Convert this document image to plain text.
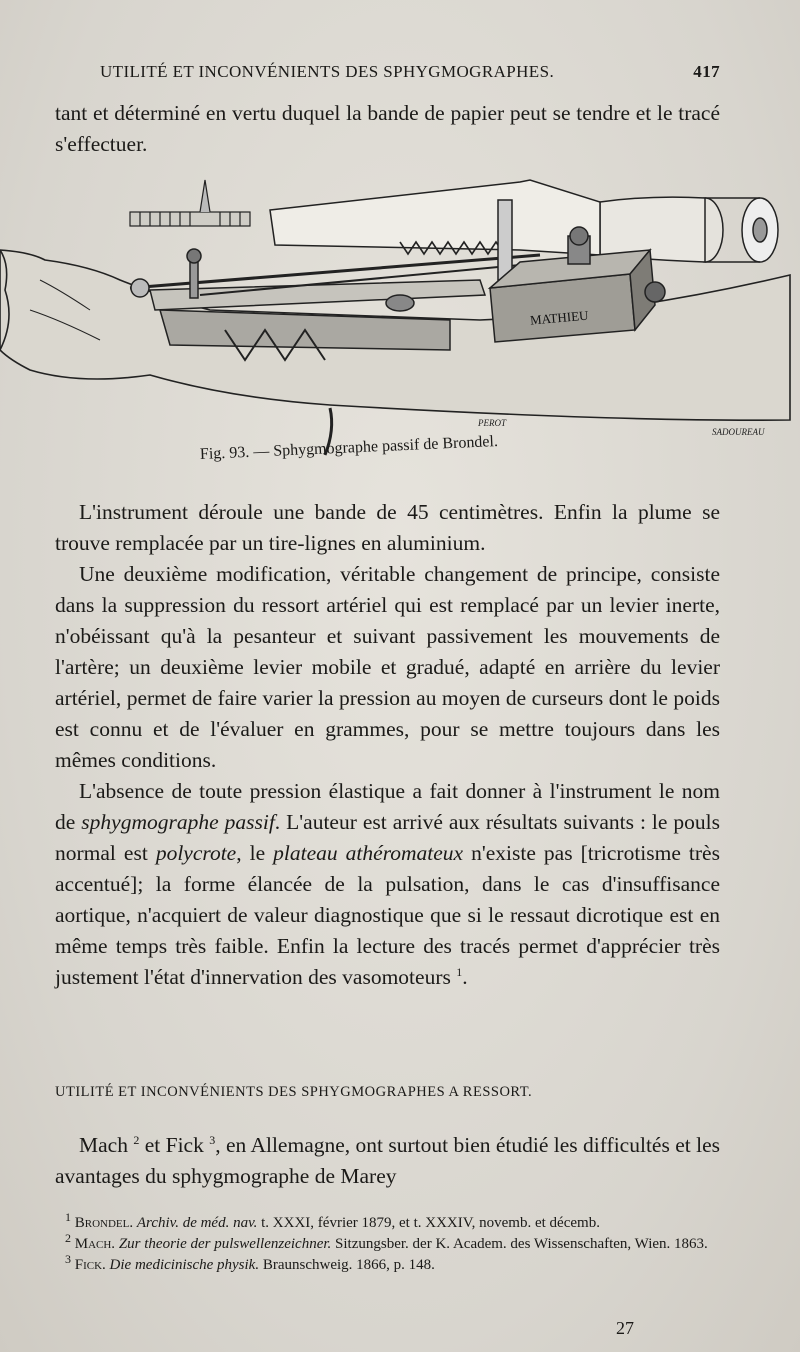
UTILITÉ ET INCONVÉNIENTS DES SPHYGMOGRAPHES.	417

tant et déterminé en vertu duquel la bande de papier peut se tendre et le tracé s'effectuer.

MATHIEU
PEROT
SADOUREAU
Fig. 93. — Sphygmographe passif de Brondel.

L'instrument déroule une bande de 45 centimètres. Enfin la plume se trouve remplacée par un tire-lignes en aluminium.

Une deuxième modification, véritable changement de principe, consiste dans la suppression du ressort artériel qui est remplacé par un levier inerte, n'obéissant qu'à la pesanteur et suivant passivement les mouvements de l'artère; un deuxième levier mobile et gradué, adapté en arrière du levier artériel, permet de faire varier la pression au moyen de curseurs dont le poids est connu et de l'évaluer en grammes, pour se mettre toujours dans les mêmes conditions.

L'absence de toute pression élastique a fait donner à l'instrument le nom de sphygmographe passif. L'auteur est arrivé aux résultats suivants : le pouls normal est polycrote, le plateau athéromateux n'existe pas [tricrotisme très accentué]; la forme élancée de la pulsation, dans le cas d'insuffisance aortique, n'acquiert de valeur diagnostique que si le ressaut dicrotique est en même temps très faible. Enfin la lecture des tracés permet d'apprécier très justement l'état d'innervation des vasomoteurs $^1$.

UTILITÉ ET INCONVÉNIENTS DES SPHYGMOGRAPHES A RESSORT.

Mach $^2$ et Fick $^3$, en Allemagne, ont surtout bien étudié les difficultés et les avantages du sphygmographe de Marey

$^1$ Brondel. Archiv. de méd. nav. t. XXXI, février 1879, et t. XXXIV, novemb. et décemb.

$^2$ Mach. Zur theorie der pulswellenzeichner. Sitzungsber. der K. Academ. des Wissenschaften, Wien. 1863.

$^3$ Fick. Die medicinische physik. Braunschweig. 1866, p. 148.

27
